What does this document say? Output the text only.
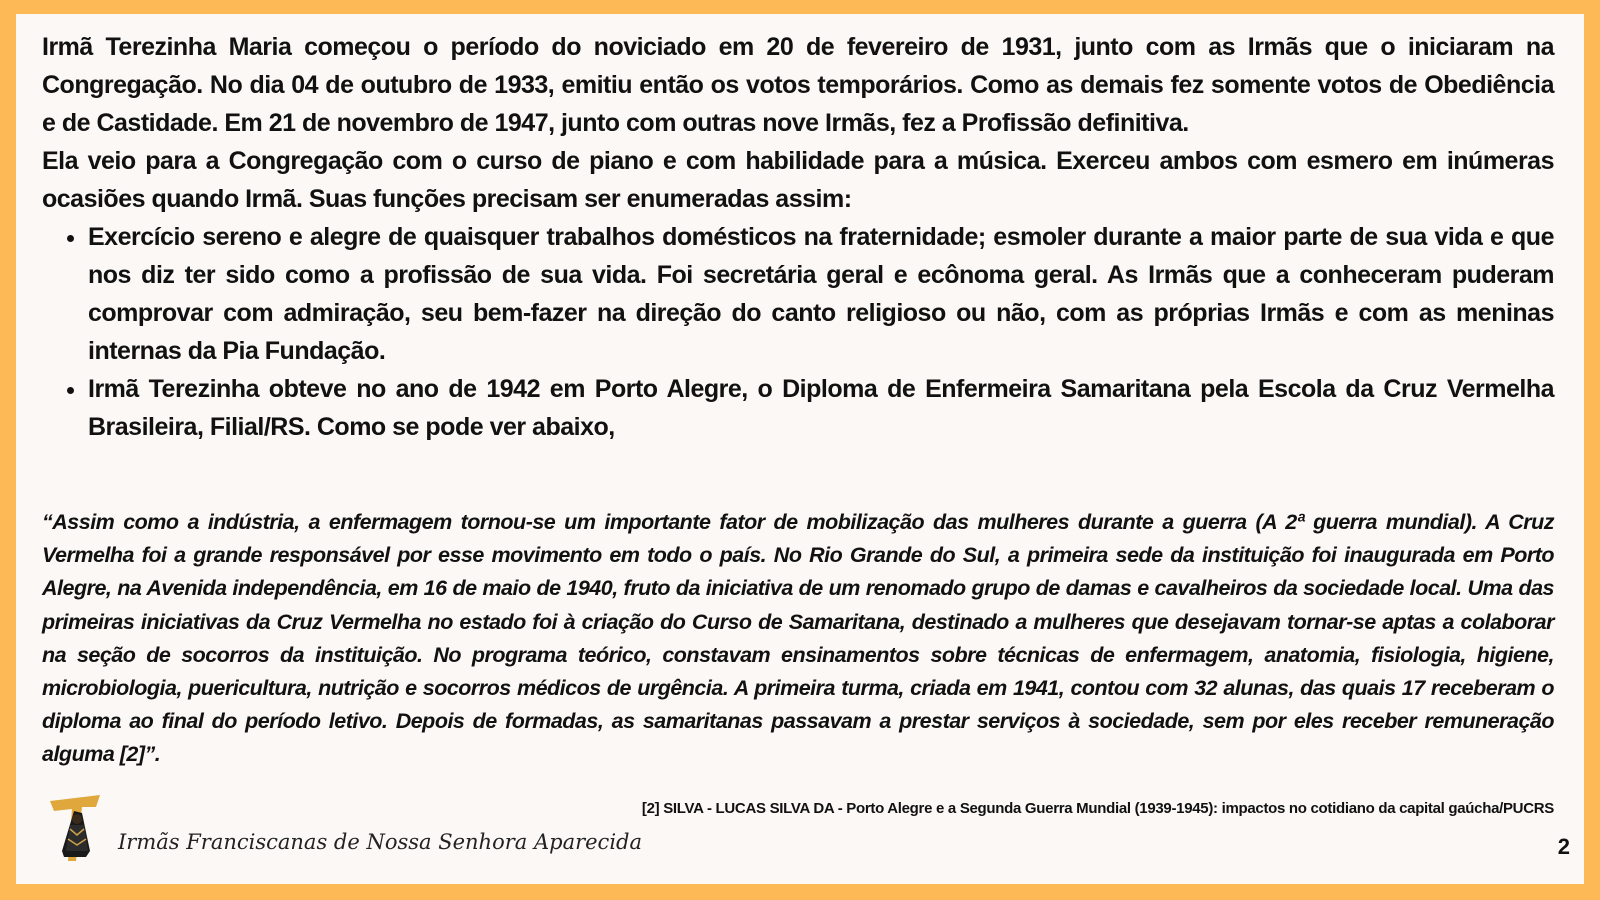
Irmã Terezinha Maria começou o período do noviciado em 20 de fevereiro de 1931, junto com as Irmãs que o iniciaram na Congregação. No dia 04 de outubro de 1933, emitiu então os votos temporários. Como as demais fez somente votos de Obediência e de Castidade. Em 21 de novembro de 1947, junto com outras nove Irmãs, fez a Profissão definitiva.

Ela veio para a Congregação com o curso de piano e com habilidade para a música. Exerceu ambos com esmero em inúmeras ocasiões quando Irmã. Suas funções precisam ser enumeradas assim:

• Exercício sereno e alegre de quaisquer trabalhos domésticos na fraternidade; esmoler durante a maior parte de sua vida e que nos diz ter sido como a profissão de sua vida. Foi secretária geral e ecônoma geral. As Irmãs que a conheceram puderam comprovar com admiração, seu bem-fazer na direção do canto religioso ou não, com as próprias Irmãs e com as meninas internas da Pia Fundação.
• Irmã Terezinha obteve no ano de 1942 em Porto Alegre, o Diploma de Enfermeira Samaritana pela Escola da Cruz Vermelha Brasileira, Filial/RS. Como se pode ver abaixo,

“Assim como a indústria, a enfermagem tornou-se um importante fator de mobilização das mulheres durante a guerra (A 2ª guerra mundial). A Cruz Vermelha foi a grande responsável por esse movimento em todo o país. No Rio Grande do Sul, a primeira sede da instituição foi inaugurada em Porto Alegre, na Avenida independência, em 16 de maio de 1940, fruto da iniciativa de um renomado grupo de damas e cavalheiros da sociedade local. Uma das primeiras iniciativas da Cruz Vermelha no estado foi à criação do Curso de Samaritana, destinado a mulheres que desejavam tornar-se aptas a colaborar na seção de socorros da instituição. No programa teórico, constavam ensinamentos sobre técnicas de enfermagem, anatomia, fisiologia, higiene, microbiologia, puericultura, nutrição e socorros médicos de urgência. A primeira turma, criada em 1941, contou com 32 alunas, das quais 17 receberam o diploma ao final do período letivo. Depois de formadas, as samaritanas passavam a prestar serviços à sociedade, sem por eles receber remuneração alguma [2]”.

[2] SILVA - LUCAS SILVA DA - Porto Alegre e a Segunda Guerra Mundial (1939-1945): impactos no cotidiano da capital gaúcha/PUCRS
Irmãs Franciscanas de Nossa Senhora Aparecida	2
